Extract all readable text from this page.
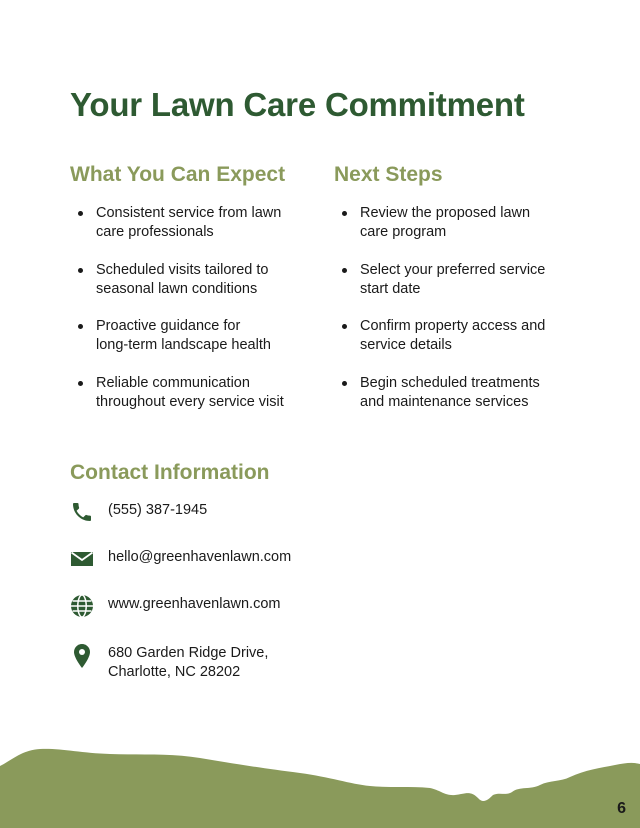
Your Lawn Care Commitment
What You Can Expect
Consistent service from lawn
care professionals
Scheduled visits tailored to
seasonal lawn conditions
Proactive guidance for
long-term landscape health
Reliable communication
throughout every service visit
Next Steps
Review the proposed lawn
care program
Select your preferred service
start date
Confirm property access and
service details
Begin scheduled treatments
and maintenance services
Contact Information
(555) 387-1945
hello@greenhavenlawn.com
www.greenhavenlawn.com
680 Garden Ridge Drive,
Charlotte, NC 28202
6
